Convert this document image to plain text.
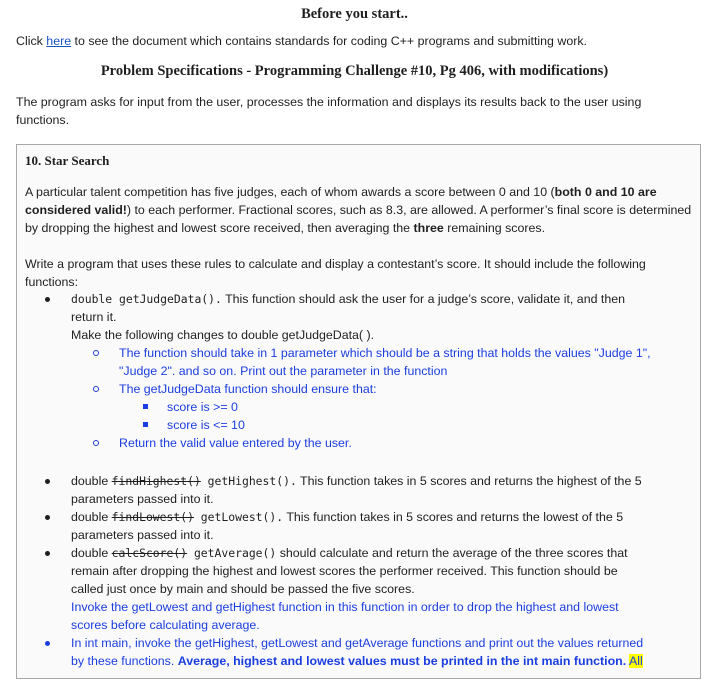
Before you start..
Click here to see the document which contains standards for coding C++ programs and submitting work.
Problem Specifications - Programming Challenge #10, Pg 406, with modifications)
The program asks for input from the user, processes the information and displays its results back to the user using functions.
10. Star Search
A particular talent competition has five judges, each of whom awards a score between 0 and 10 (both 0 and 10 are considered valid!) to each performer. Fractional scores, such as 8.3, are allowed. A performer’s final score is determined by dropping the highest and lowest score received, then averaging the three remaining scores.
Write a program that uses these rules to calculate and display a contestant’s score. It should include the following functions:
double getJudgeData(). This function should ask the user for a judge’s score, validate it, and then
return it.
Make the following changes to double getJudgeData( ).
The function should take in 1 parameter which should be a string that holds the values "Judge 1",
"Judge 2". and so on. Print out the parameter in the function
The getJudgeData function should ensure that:
score is >= 0
score is <= 10
Return the valid value entered by the user.
double findHighest() getHighest(). This function takes in 5 scores and returns the highest of the 5
parameters passed into it.
double findLowest() getLowest(). This function takes in 5 scores and returns the lowest of the 5
parameters passed into it.
double calcScore() getAverage() should calculate and return the average of the three scores that
remain after dropping the highest and lowest scores the performer received. This function should be
called just once by main and should be passed the five scores.
Invoke the getLowest and getHighest function in this function in order to drop the highest and lowest
scores before calculating average.
In int main, invoke the getHighest, getLowest and getAverage functions and print out the values returned
by these functions. Average, highest and lowest values must be printed in the int main function. All
